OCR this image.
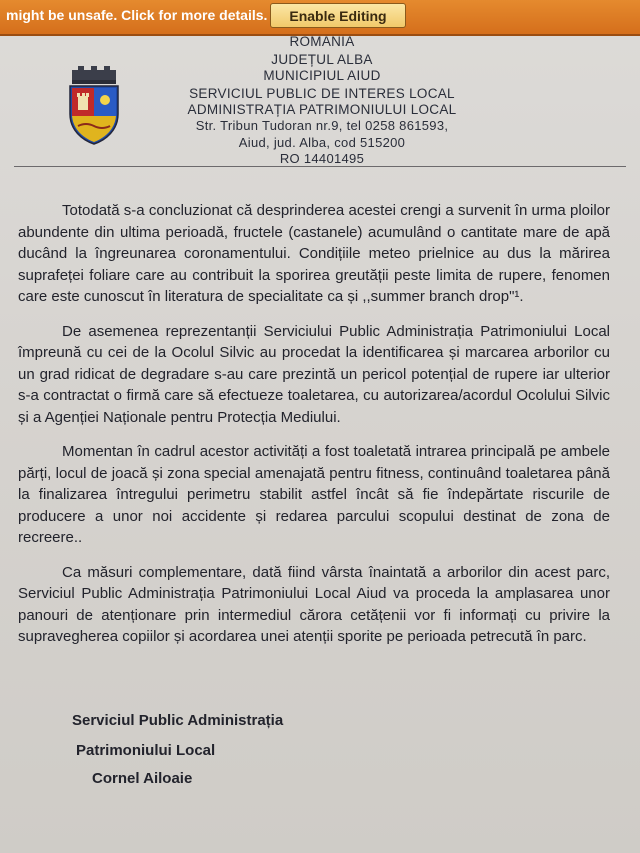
might be unsafe. Click for more details.	Enable Editing
ROMANIA
JUDEȚUL ALBA
MUNICIPIUL AIUD
SERVICIUL PUBLIC DE INTERES LOCAL
ADMINISTRAȚIA PATRIMONIULUI LOCAL
Str. Tribun Tudoran nr.9, tel 0258 861593,
Aiud, jud. Alba, cod 515200
RO 14401495

Totodată s-a concluzionat că desprinderea acestei crengi a survenit în urma ploilor abundente din ultima perioadă, fructele (castanele) acumulând o cantitate mare de apă ducând la îngreunarea coronamentului. Condițiile meteo prielnice au dus la mărirea suprafeței foliare care au contribuit la sporirea greutății peste limita de rupere, fenomen care este cunoscut în literatura de specialitate ca și ,,summer branch drop"¹.

De asemenea reprezentanții Serviciului Public Administrația Patrimoniului Local împreună cu cei de la Ocolul Silvic au procedat la identificarea și marcarea arborilor cu un grad ridicat de degradare s-au care prezintă un pericol potențial de rupere iar ulterior s-a contractat o firmă care să efectueze toaletarea, cu autorizarea/acordul Ocolului Silvic și a Agenției Naționale pentru Protecția Mediului.

Momentan în cadrul acestor activități a fost toaletată intrarea principală pe ambele părți, locul de joacă și zona special amenajată pentru fitness, continuând toaletarea până la finalizarea întregului perimetru stabilit astfel încât să fie îndepărtate riscurile de producere a unor noi accidente și redarea parcului scopului destinat de zona de recreere..

Ca măsuri complementare, dată fiind vârsta înaintată a arborilor din acest parc, Serviciul Public Administrația Patrimoniului Local Aiud va proceda la amplasarea unor panouri de atenționare prin intermediul cărora cetățenii vor fi informați cu privire la supravegherea copiilor și acordarea unei atenții sporite pe perioada petrecută în parc.

Serviciul Public Administrația
Patrimoniului Local
Cornel Ailoaie
